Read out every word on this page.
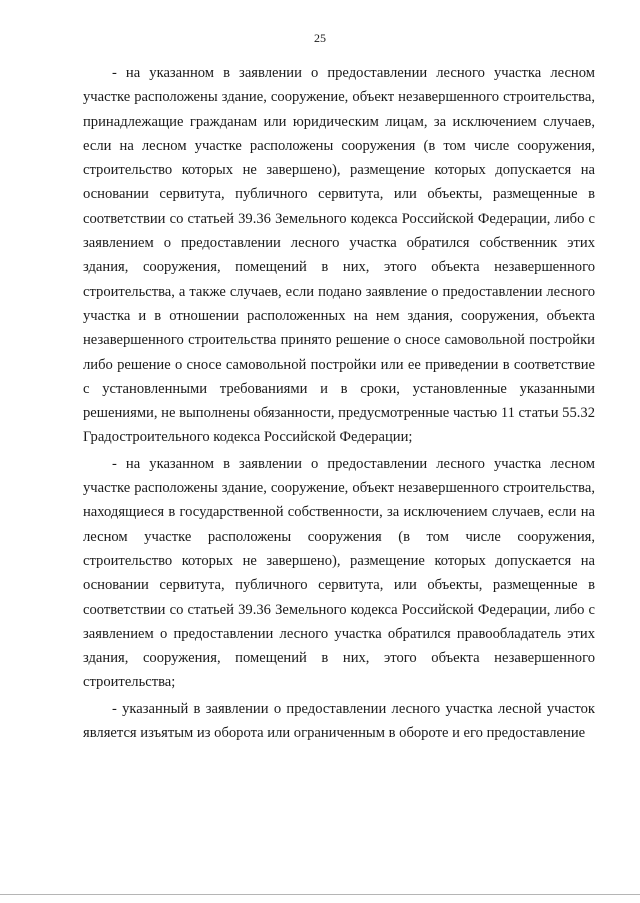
25

- на указанном в заявлении о предоставлении лесного участка лесном участке расположены здание, сооружение, объект незавершенного строительства, принадлежащие гражданам или юридическим лицам, за исключением случаев, если на лесном участке расположены сооружения (в том числе сооружения, строительство которых не завершено), размещение которых допускается на основании сервитута, публичного сервитута, или объекты, размещенные в соответствии со статьей 39.36 Земельного кодекса Российской Федерации, либо с заявлением о предоставлении лесного участка обратился собственник этих здания, сооружения, помещений в них, этого объекта незавершенного строительства, а также случаев, если подано заявление о предоставлении лесного участка и в отношении расположенных на нем здания, сооружения, объекта незавершенного строительства принято решение о сносе самовольной постройки либо решение о сносе самовольной постройки или ее приведении в соответствие с установленными требованиями и в сроки, установленные указанными решениями, не выполнены обязанности, предусмотренные частью 11 статьи 55.32 Градостроительного кодекса Российской Федерации;

- на указанном в заявлении о предоставлении лесного участка лесном участке расположены здание, сооружение, объект незавершенного строительства, находящиеся в государственной собственности, за исключением случаев, если на лесном участке расположены сооружения (в том числе сооружения, строительство которых не завершено), размещение которых допускается на основании сервитута, публичного сервитута, или объекты, размещенные в соответствии со статьей 39.36 Земельного кодекса Российской Федерации, либо с заявлением о предоставлении лесного участка обратился правообладатель этих здания, сооружения, помещений в них, этого объекта незавершенного строительства;

- указанный в заявлении о предоставлении лесного участка лесной участок является изъятым из оборота или ограниченным в обороте и его предоставление
